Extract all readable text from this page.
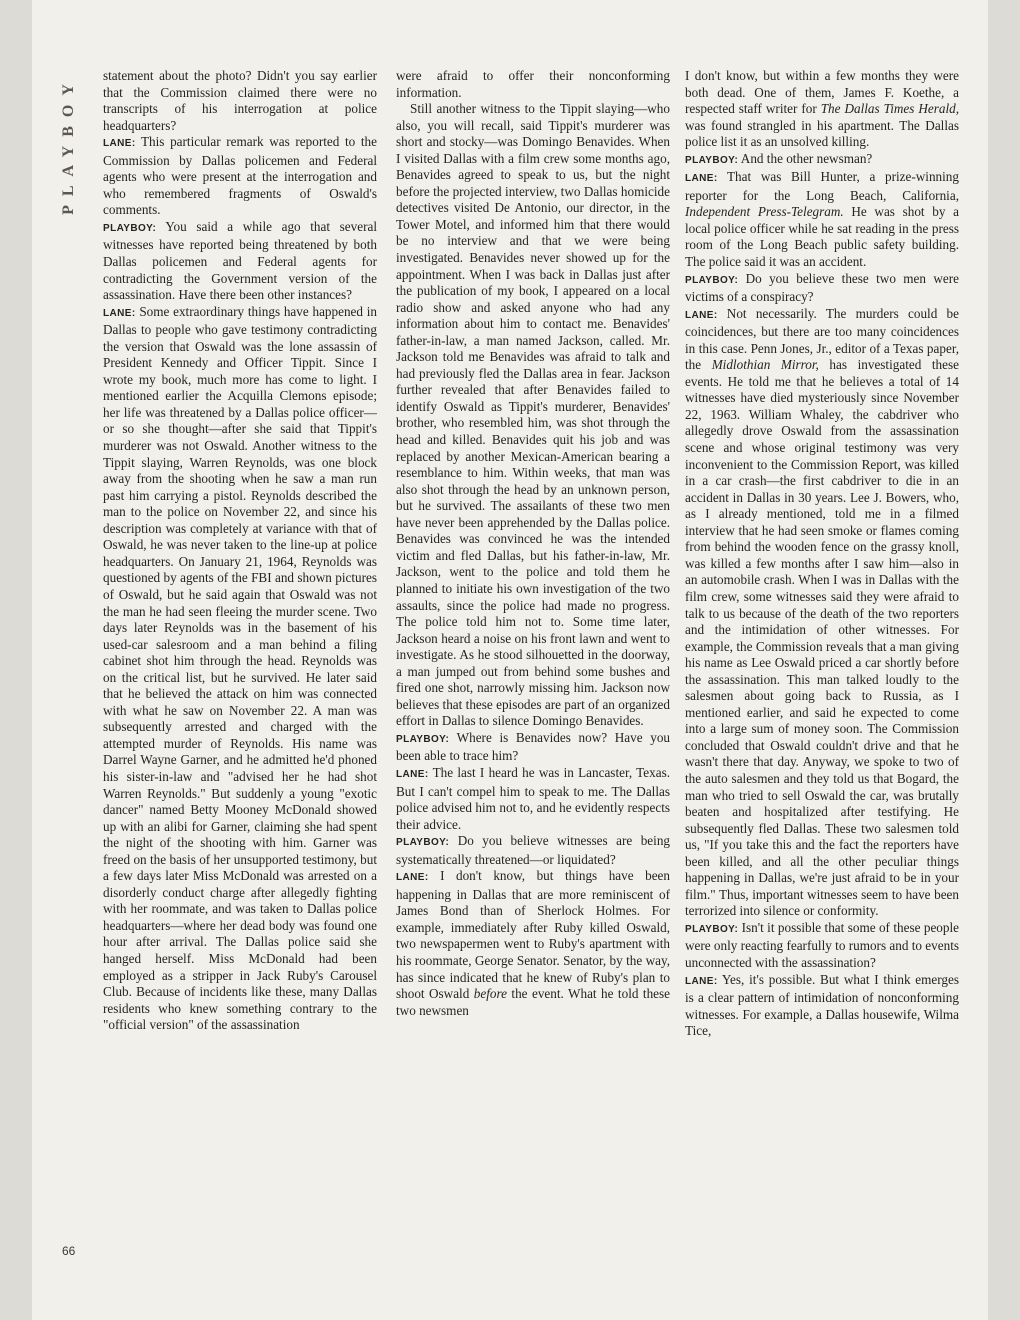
PLAYBOY statement about the photo? Didn't you say earlier that the Commission claimed there were no transcripts of his interrogation at police headquarters?

LANE: This particular remark was reported to the Commission by Dallas policemen and Federal agents who were present at the interrogation and who remembered fragments of Oswald's comments.

PLAYBOY: You said a while ago that several witnesses have reported being threatened by both Dallas policemen and Federal agents for contradicting the Government version of the assassination. Have there been other instances?

LANE: Some extraordinary things have happened in Dallas to people who gave testimony contradicting the version that Oswald was the lone assassin of President Kennedy and Officer Tippit. Since I wrote my book, much more has come to light. I mentioned earlier the Acquilla Clemons episode; her life was threatened by a Dallas police officer—or so she thought—after she said that Tippit's murderer was not Oswald. Another witness to the Tippit slaying, Warren Reynolds, was one block away from the shooting when he saw a man run past him carrying a pistol. Reynolds described the man to the police on November 22, and since his description was completely at variance with that of Oswald, he was never taken to the line-up at police headquarters. On January 21, 1964, Reynolds was questioned by agents of the FBI and shown pictures of Oswald, but he said again that Oswald was not the man he had seen fleeing the murder scene. Two days later Reynolds was in the basement of his used-car salesroom and a man behind a filing cabinet shot him through the head. Reynolds was on the critical list, but he survived. He later said that he believed the attack on him was connected with what he saw on November 22. A man was subsequently arrested and charged with the attempted murder of Reynolds. His name was Darrel Wayne Garner, and he admitted he'd phoned his sister-in-law and "advised her he had shot Warren Reynolds." But suddenly a young "exotic dancer" named Betty Mooney McDonald showed up with an alibi for Garner, claiming she had spent the night of the shooting with him. Garner was freed on the basis of her unsupported testimony, but a few days later Miss McDonald was arrested on a disorderly conduct charge after allegedly fighting with her roommate, and was taken to Dallas police headquarters—where her dead body was found one hour after arrival. The Dallas police said she hanged herself. Miss McDonald had been employed as a stripper in Jack Ruby's Carousel Club. Because of incidents like these, many Dallas residents who knew something contrary to the "official version" of the assassination

were afraid to offer their nonconforming information.

Still another witness to the Tippit slaying—who also, you will recall, said Tippit's murderer was short and stocky—was Domingo Benavides. When I visited Dallas with a film crew some months ago, Benavides agreed to speak to us, but the night before the projected interview, two Dallas homicide detectives visited De Antonio, our director, in the Tower Motel, and informed him that there would be no interview and that we were being investigated. Benavides never showed up for the appointment. When I was back in Dallas just after the publication of my book, I appeared on a local radio show and asked anyone who had any information about him to contact me. Benavides' father-in-law, a man named Jackson, called. Mr. Jackson told me Benavides was afraid to talk and had previously fled the Dallas area in fear. Jackson further revealed that after Benavides failed to identify Oswald as Tippit's murderer, Benavides' brother, who resembled him, was shot through the head and killed. Benavides quit his job and was replaced by another Mexican-American bearing a resemblance to him. Within weeks, that man was also shot through the head by an unknown person, but he survived. The assailants of these two men have never been apprehended by the Dallas police. Benavides was convinced he was the intended victim and fled Dallas, but his father-in-law, Mr. Jackson, went to the police and told them he planned to initiate his own investigation of the two assaults, since the police had made no progress. The police told him not to. Some time later, Jackson heard a noise on his front lawn and went to investigate. As he stood silhouetted in the doorway, a man jumped out from behind some bushes and fired one shot, narrowly missing him. Jackson now believes that these episodes are part of an organized effort in Dallas to silence Domingo Benavides.

PLAYBOY: Where is Benavides now? Have you been able to trace him?

LANE: The last I heard he was in Lancaster, Texas. But I can't compel him to speak to me. The Dallas police advised him not to, and he evidently respects their advice.

PLAYBOY: Do you believe witnesses are being systematically threatened—or liquidated?

LANE: I don't know, but things have been happening in Dallas that are more reminiscent of James Bond than of Sherlock Holmes. For example, immediately after Ruby killed Oswald, two newspapermen went to Ruby's apartment with his roommate, George Senator. Senator, by the way, has since indicated that he knew of Ruby's plan to shoot Oswald before the event. What he told these two newsmen

I don't know, but within a few months they were both dead. One of them, James F. Koethe, a respected staff writer for The Dallas Times Herald, was found strangled in his apartment. The Dallas police list it as an unsolved killing.

PLAYBOY: And the other newsman?

LANE: That was Bill Hunter, a prize-winning reporter for the Long Beach, California, Independent Press-Telegram. He was shot by a local police officer while he sat reading in the press room of the Long Beach public safety building. The police said it was an accident.

PLAYBOY: Do you believe these two men were victims of a conspiracy?

LANE: Not necessarily. The murders could be coincidences, but there are too many coincidences in this case. Penn Jones, Jr., editor of a Texas paper, the Midlothian Mirror, has investigated these events. He told me that he believes a total of 14 witnesses have died mysteriously since November 22, 1963. William Whaley, the cabdriver who allegedly drove Oswald from the assassination scene and whose original testimony was very inconvenient to the Commission Report, was killed in a car crash—the first cabdriver to die in an accident in Dallas in 30 years. Lee J. Bowers, who, as I already mentioned, told me in a filmed interview that he had seen smoke or flames coming from behind the wooden fence on the grassy knoll, was killed a few months after I saw him—also in an automobile crash. When I was in Dallas with the film crew, some witnesses said they were afraid to talk to us because of the death of the two reporters and the intimidation of other witnesses. For example, the Commission reveals that a man giving his name as Lee Oswald priced a car shortly before the assassination. This man talked loudly to the salesmen about going back to Russia, as I mentioned earlier, and said he expected to come into a large sum of money soon. The Commission concluded that Oswald couldn't drive and that he wasn't there that day. Anyway, we spoke to two of the auto salesmen and they told us that Bogard, the man who tried to sell Oswald the car, was brutally beaten and hospitalized after testifying. He subsequently fled Dallas. These two salesmen told us, "If you take this and the fact the reporters have been killed, and all the other peculiar things happening in Dallas, we're just afraid to be in your film." Thus, important witnesses seem to have been terrorized into silence or conformity.

PLAYBOY: Isn't it possible that some of these people were only reacting fearfully to rumors and to events unconnected with the assassination?

LANE: Yes, it's possible. But what I think emerges is a clear pattern of intimidation of nonconforming witnesses. For example, a Dallas housewife, Wilma Tice,

66
